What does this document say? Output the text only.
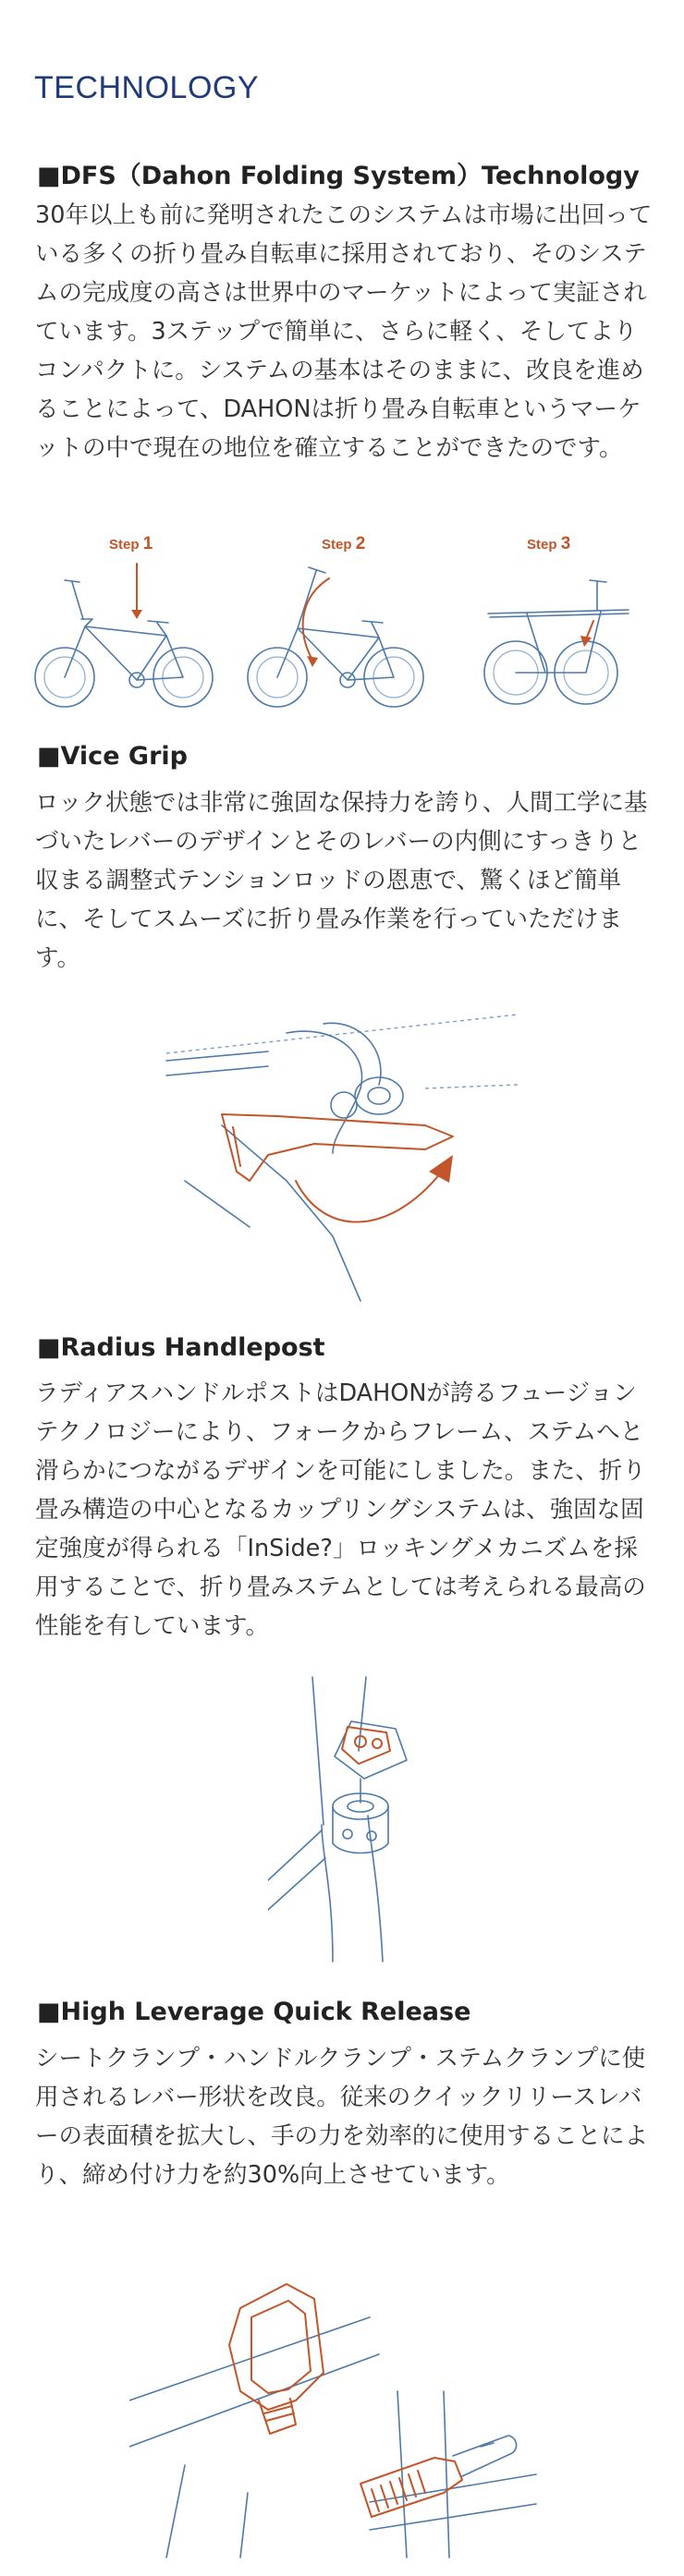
TECHNOLOGY
■DFS（Dahon Folding System）Technology

30年以上も前に発明されたこのシステムは市場に出回っている多くの折り畳み自転車に採用されており、そのシステムの完成度の高さは世界中のマーケットによって実証されています。3ステップで簡単に、さらに軽く、そしてよりコンパクトに。システムの基本はそのままに、改良を進めることによって、DAHONは折り畳み自転車というマーケットの中で現在の地位を確立することができたのです。

Step 1	Step 2	Step 3
■Vice Grip

ロック状態では非常に強固な保持力を誇り、人間工学に基づいたレバーのデザインとそのレバーの内側にすっきりと収まる調整式テンションロッドの恩恵で、驚くほど簡単に、そしてスムーズに折り畳み作業を行っていただけます。

■Radius Handlepost

ラディアスハンドルポストはDAHONが誇るフュージョンテクノロジーにより、フォークからフレーム、ステムへと滑らかにつながるデザインを可能にしました。また、折り畳み構造の中心となるカップリングシステムは、強固な固定強度が得られる「InSide?」ロッキングメカニズムを採用することで、折り畳みステムとしては考えられる最高の性能を有しています。

■High Leverage Quick Release

シートクランプ・ハンドルクランプ・ステムクランプに使用されるレバー形状を改良。従来のクイックリリースレバーの表面積を拡大し、手の力を効率的に使用することにより、締め付け力を約30%向上させています。
